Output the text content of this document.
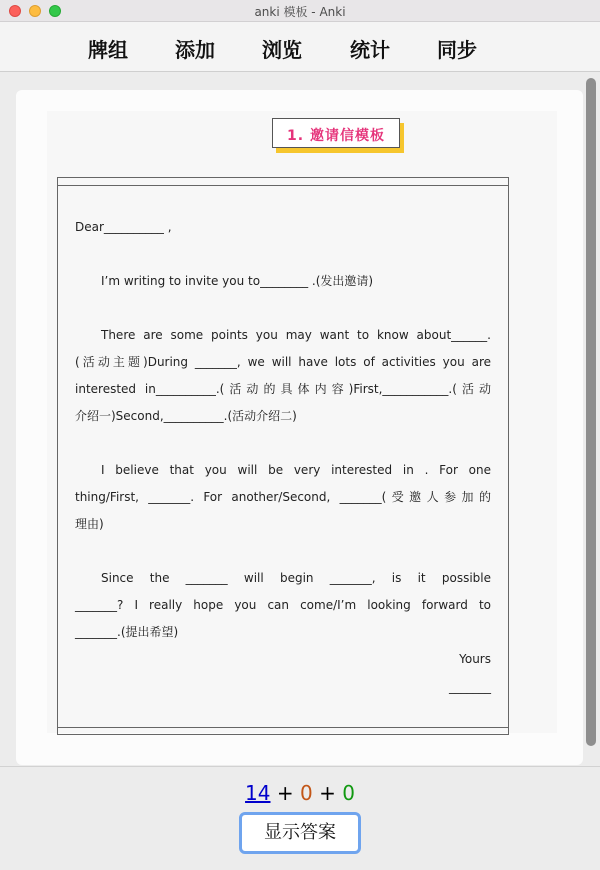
anki 模板 - Anki
牌组 添加 浏览 统计 同步
1. 邀请信模板
Dear__________ ,
I’m writing to invite you to________ .(发出邀请)
There are some points you may want to know about______.
(活动主题)During _______, we will have lots of activities you are
interested in__________.(活动的具体内容)First,___________.(活动
介绍一)Second,__________.(活动介绍二)
I believe that you will be very interested in . For one
thing/First, _______. For another/Second, _______(受邀人参加的
理由)
Since the _______ will begin _______, is it possible
_______? I really hope you can come/I’m looking forward to
_______.(提出希望)
Yours
_______
14 + 0 + 0
显示答案
